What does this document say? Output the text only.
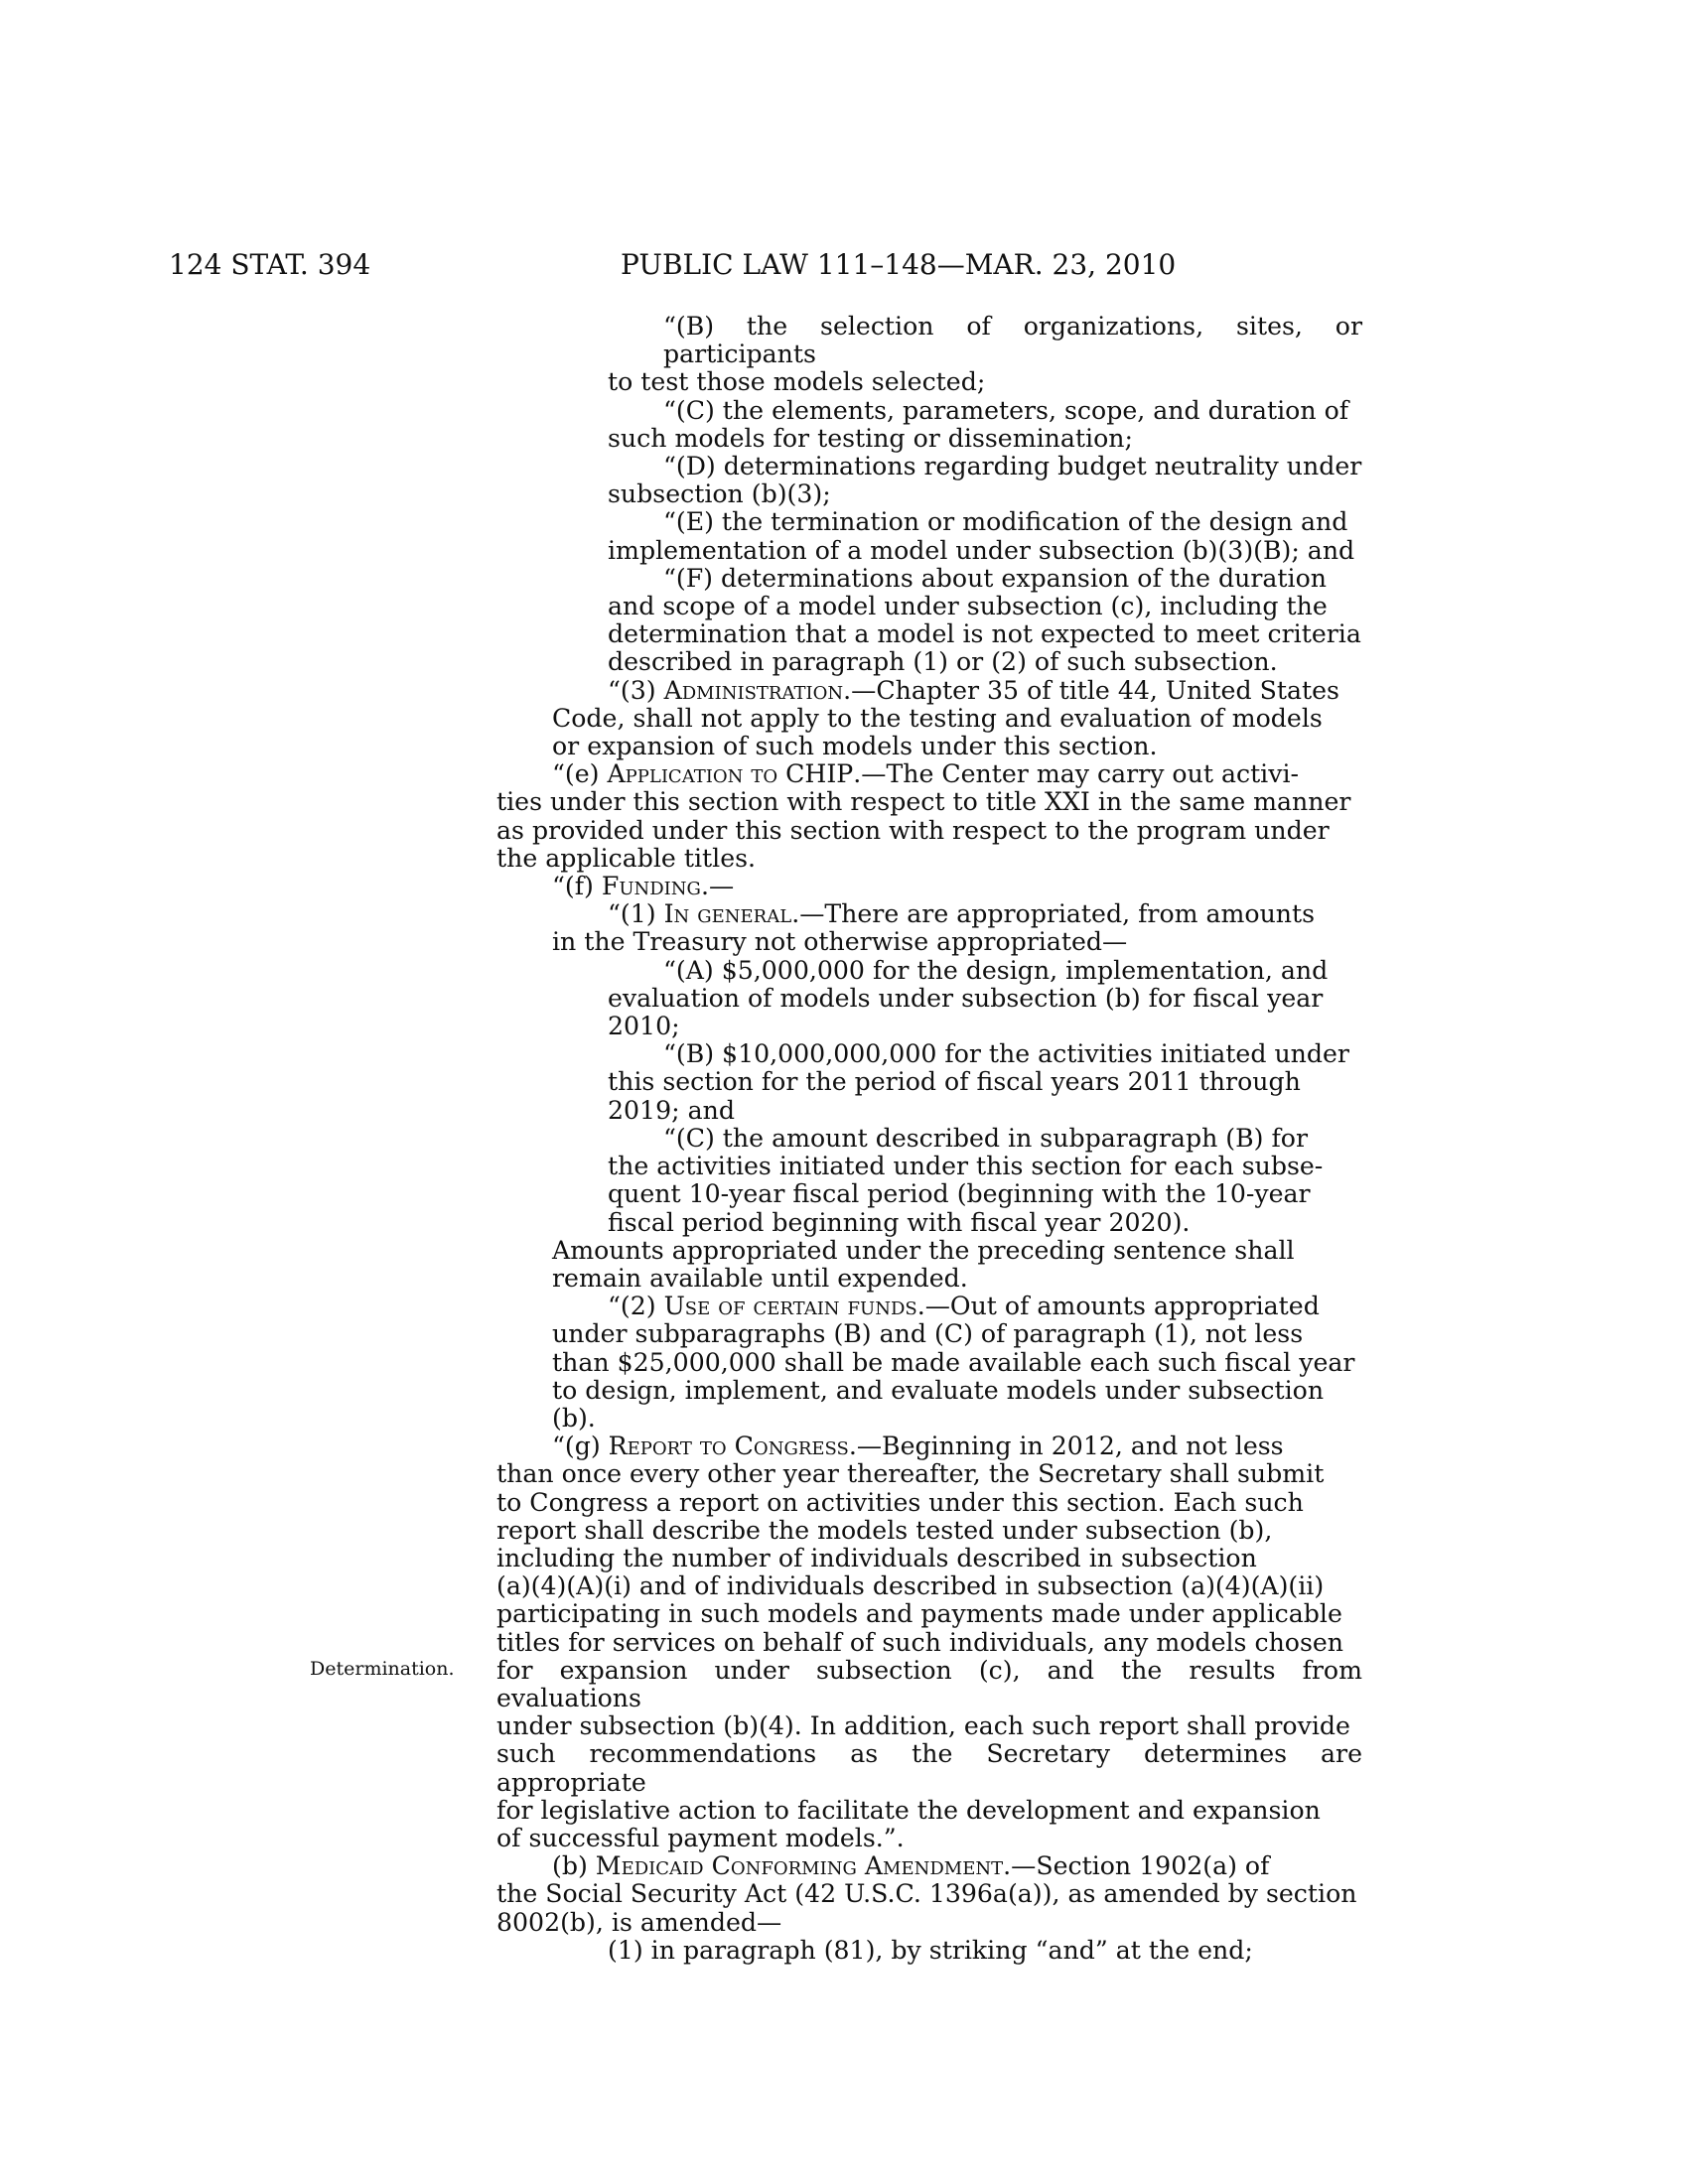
124 STAT. 394	PUBLIC LAW 111–148—MAR. 23, 2010
Determination.
“(B) the selection of organizations, sites, or participants
to test those models selected;
“(C) the elements, parameters, scope, and duration of
such models for testing or dissemination;
“(D) determinations regarding budget neutrality under
subsection (b)(3);
“(E) the termination or modification of the design and
implementation of a model under subsection (b)(3)(B); and
“(F) determinations about expansion of the duration
and scope of a model under subsection (c), including the
determination that a model is not expected to meet criteria
described in paragraph (1) or (2) of such subsection.
“(3) Administration.—Chapter 35 of title 44, United States
Code, shall not apply to the testing and evaluation of models
or expansion of such models under this section.
“(e) Application to CHIP.—The Center may carry out activi-
ties under this section with respect to title XXI in the same manner
as provided under this section with respect to the program under
the applicable titles.
“(f) Funding.—
“(1) In general.—There are appropriated, from amounts
in the Treasury not otherwise appropriated—
“(A) $5,000,000 for the design, implementation, and
evaluation of models under subsection (b) for fiscal year
2010;
“(B) $10,000,000,000 for the activities initiated under
this section for the period of fiscal years 2011 through
2019; and
“(C) the amount described in subparagraph (B) for
the activities initiated under this section for each subse-
quent 10-year fiscal period (beginning with the 10-year
fiscal period beginning with fiscal year 2020).
Amounts appropriated under the preceding sentence shall
remain available until expended.
“(2) Use of certain funds.—Out of amounts appropriated
under subparagraphs (B) and (C) of paragraph (1), not less
than $25,000,000 shall be made available each such fiscal year
to design, implement, and evaluate models under subsection
(b).
“(g) Report to Congress.—Beginning in 2012, and not less
than once every other year thereafter, the Secretary shall submit
to Congress a report on activities under this section. Each such
report shall describe the models tested under subsection (b),
including the number of individuals described in subsection
(a)(4)(A)(i) and of individuals described in subsection (a)(4)(A)(ii)
participating in such models and payments made under applicable
titles for services on behalf of such individuals, any models chosen
for expansion under subsection (c), and the results from evaluations
under subsection (b)(4). In addition, each such report shall provide
such recommendations as the Secretary determines are appropriate
for legislative action to facilitate the development and expansion
of successful payment models.”.
(b) Medicaid Conforming Amendment.—Section 1902(a) of
the Social Security Act (42 U.S.C. 1396a(a)), as amended by section
8002(b), is amended—
(1) in paragraph (81), by striking “and” at the end;
